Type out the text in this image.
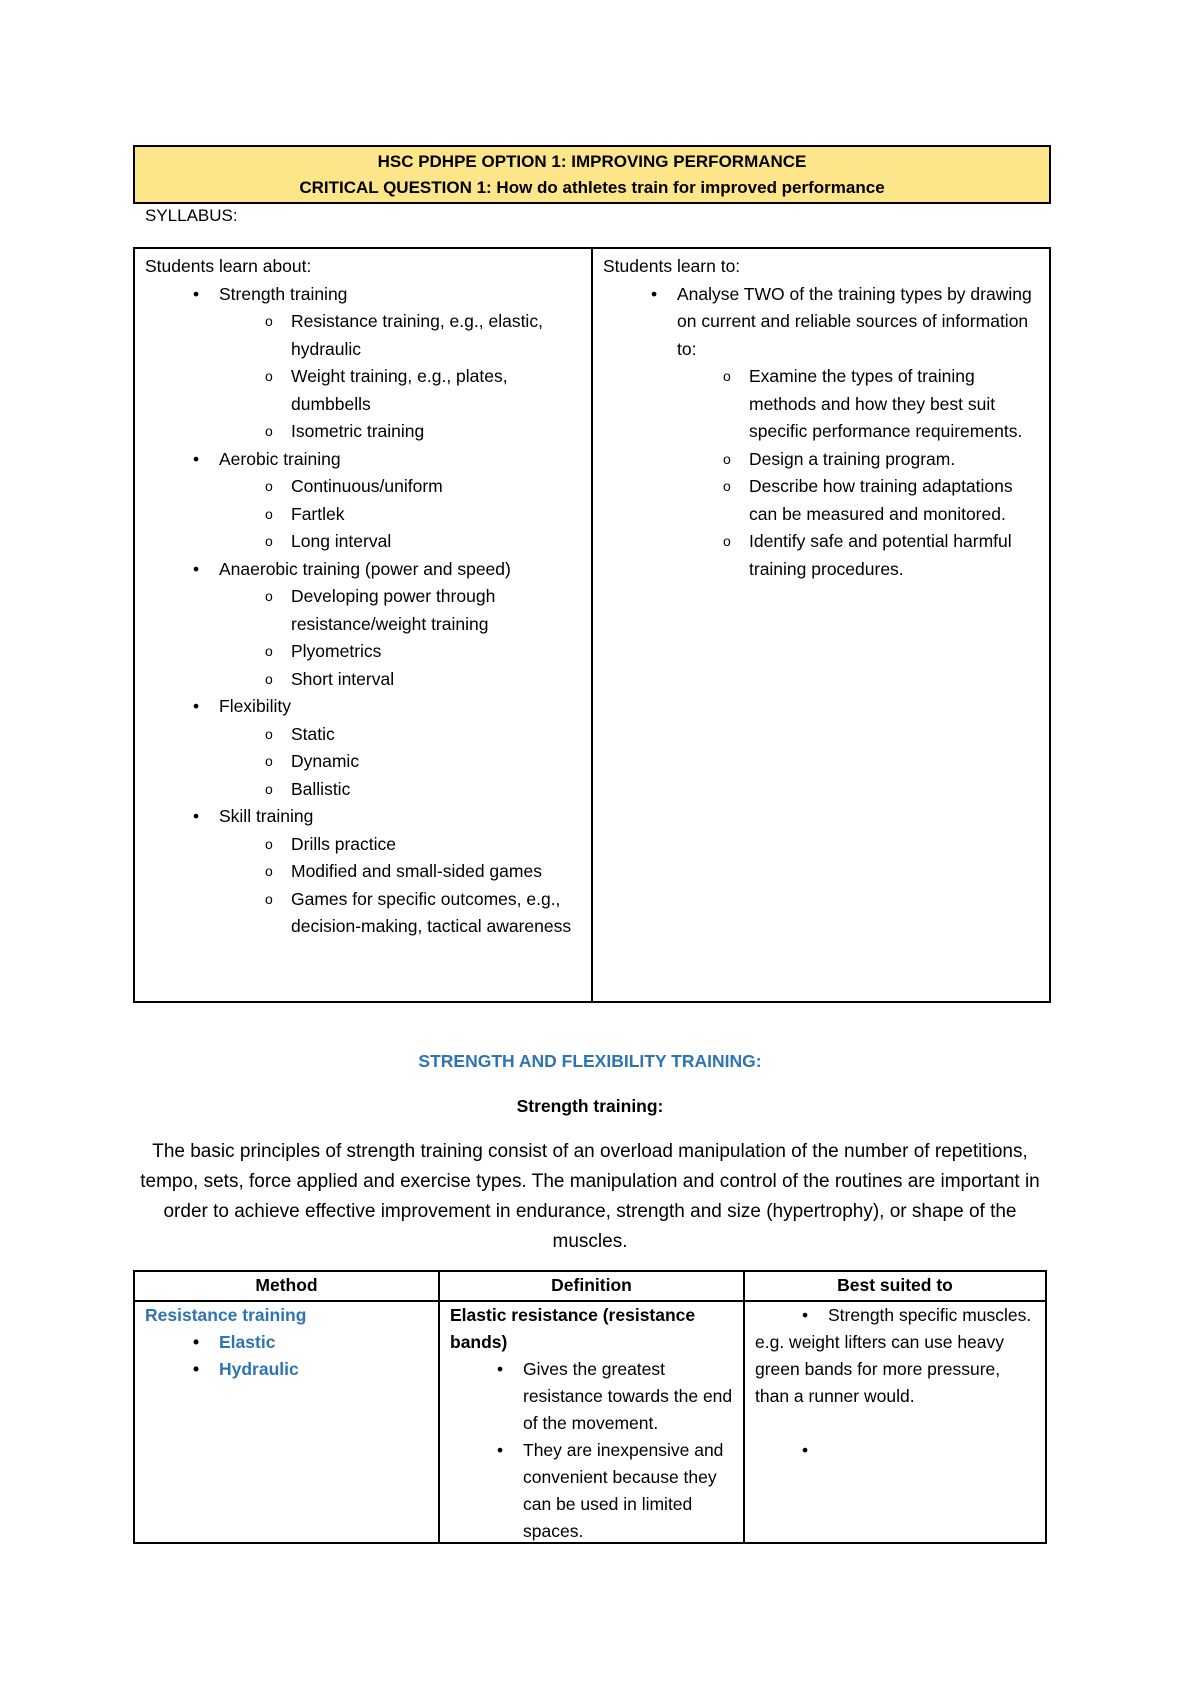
HSC PDHPE OPTION 1: IMPROVING PERFORMANCE
CRITICAL QUESTION 1: How do athletes train for improved performance
SYLLABUS:
Students learn about:
• Strength training
o Resistance training, e.g., elastic, hydraulic
o Weight training, e.g., plates, dumbbells
o Isometric training
• Aerobic training
o Continuous/uniform
o Fartlek
o Long interval
• Anaerobic training (power and speed)
o Developing power through resistance/weight training
o Plyometrics
o Short interval
• Flexibility
o Static
o Dynamic
o Ballistic
• Skill training
o Drills practice
o Modified and small-sided games
o Games for specific outcomes, e.g., decision-making, tactical awareness
Students learn to:
• Analyse TWO of the training types by drawing on current and reliable sources of information to:
o Examine the types of training methods and how they best suit specific performance requirements.
o Design a training program.
o Describe how training adaptations can be measured and monitored.
o Identify safe and potential harmful training procedures.
STRENGTH AND FLEXIBILITY TRAINING:
Strength training:

The basic principles of strength training consist of an overload manipulation of the number of repetitions, tempo, sets, force applied and exercise types. The manipulation and control of the routines are important in order to achieve effective improvement in endurance, strength and size (hypertrophy), or shape of the muscles.

Method	Definition	Best suited to
Resistance training
• Elastic
• Hydraulic
Elastic resistance (resistance bands)
• Gives the greatest resistance towards the end of the movement.
• They are inexpensive and convenient because they can be used in limited spaces.
• Strength specific muscles.
e.g. weight lifters can use heavy green bands for more pressure, than a runner would.
•
